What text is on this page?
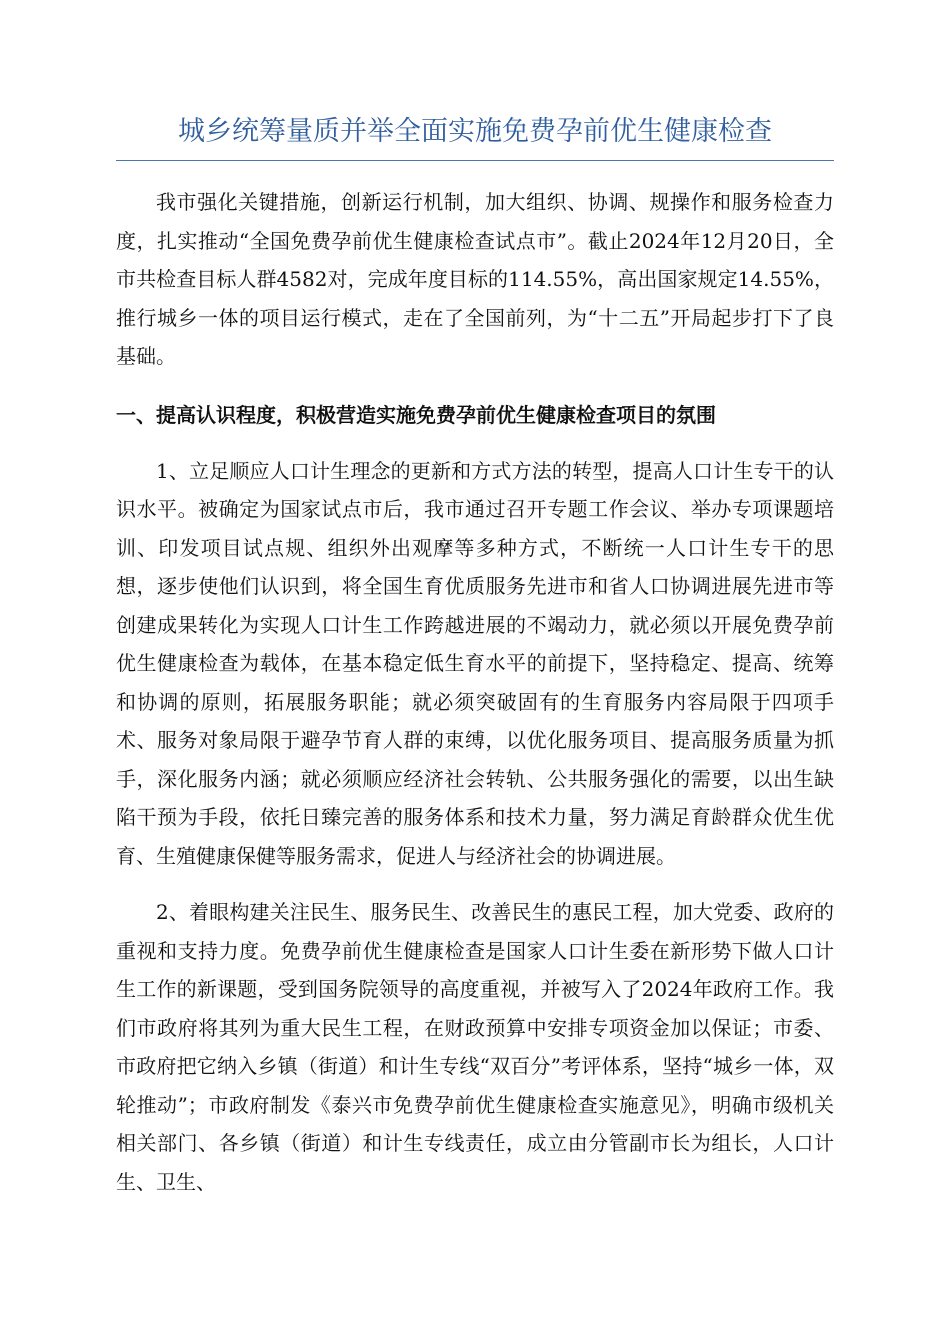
城乡统筹量质并举全面实施免费孕前优生健康检查

我市强化关键措施，创新运行机制，加大组织、协调、规操作和服务检查力度，扎实推动“全国免费孕前优生健康检查试点市”。截止2024年12月20日，全市共检查目标人群4582对，完成年度目标的114.55%，高出国家规定14.55%，推行城乡一体的项目运行模式，走在了全国前列，为“十二五”开局起步打下了良基础。

一、提高认识程度，积极营造实施免费孕前优生健康检查项目的氛围

1、立足顺应人口计生理念的更新和方式方法的转型，提高人口计生专干的认识水平。被确定为国家试点市后，我市通过召开专题工作会议、举办专项课题培训、印发项目试点规、组织外出观摩等多种方式，不断统一人口计生专干的思想，逐步使他们认识到，将全国生育优质服务先进市和省人口协调进展先进市等创建成果转化为实现人口计生工作跨越进展的不竭动力，就必须以开展免费孕前优生健康检查为载体，在基本稳定低生育水平的前提下，坚持稳定、提高、统筹和协调的原则，拓展服务职能；就必须突破固有的生育服务内容局限于四项手术、服务对象局限于避孕节育人群的束缚，以优化服务项目、提高服务质量为抓手，深化服务内涵；就必须顺应经济社会转轨、公共服务强化的需要，以出生缺陷干预为手段，依托日臻完善的服务体系和技术力量，努力满足育龄群众优生优育、生殖健康保健等服务需求，促进人与经济社会的协调进展。

2、着眼构建关注民生、服务民生、改善民生的惠民工程，加大党委、政府的重视和支持力度。免费孕前优生健康检查是国家人口计生委在新形势下做人口计生工作的新课题，受到国务院领导的高度重视，并被写入了2024年政府工作。我们市政府将其列为重大民生工程，在财政预算中安排专项资金加以保证；市委、市政府把它纳入乡镇（街道）和计生专线“双百分”考评体系，坚持“城乡一体，双轮推动”；市政府制发《泰兴市免费孕前优生健康检查实施意见》，明确市级机关相关部门、各乡镇（街道）和计生专线责任，成立由分管副市长为组长，人口计生、卫生、
